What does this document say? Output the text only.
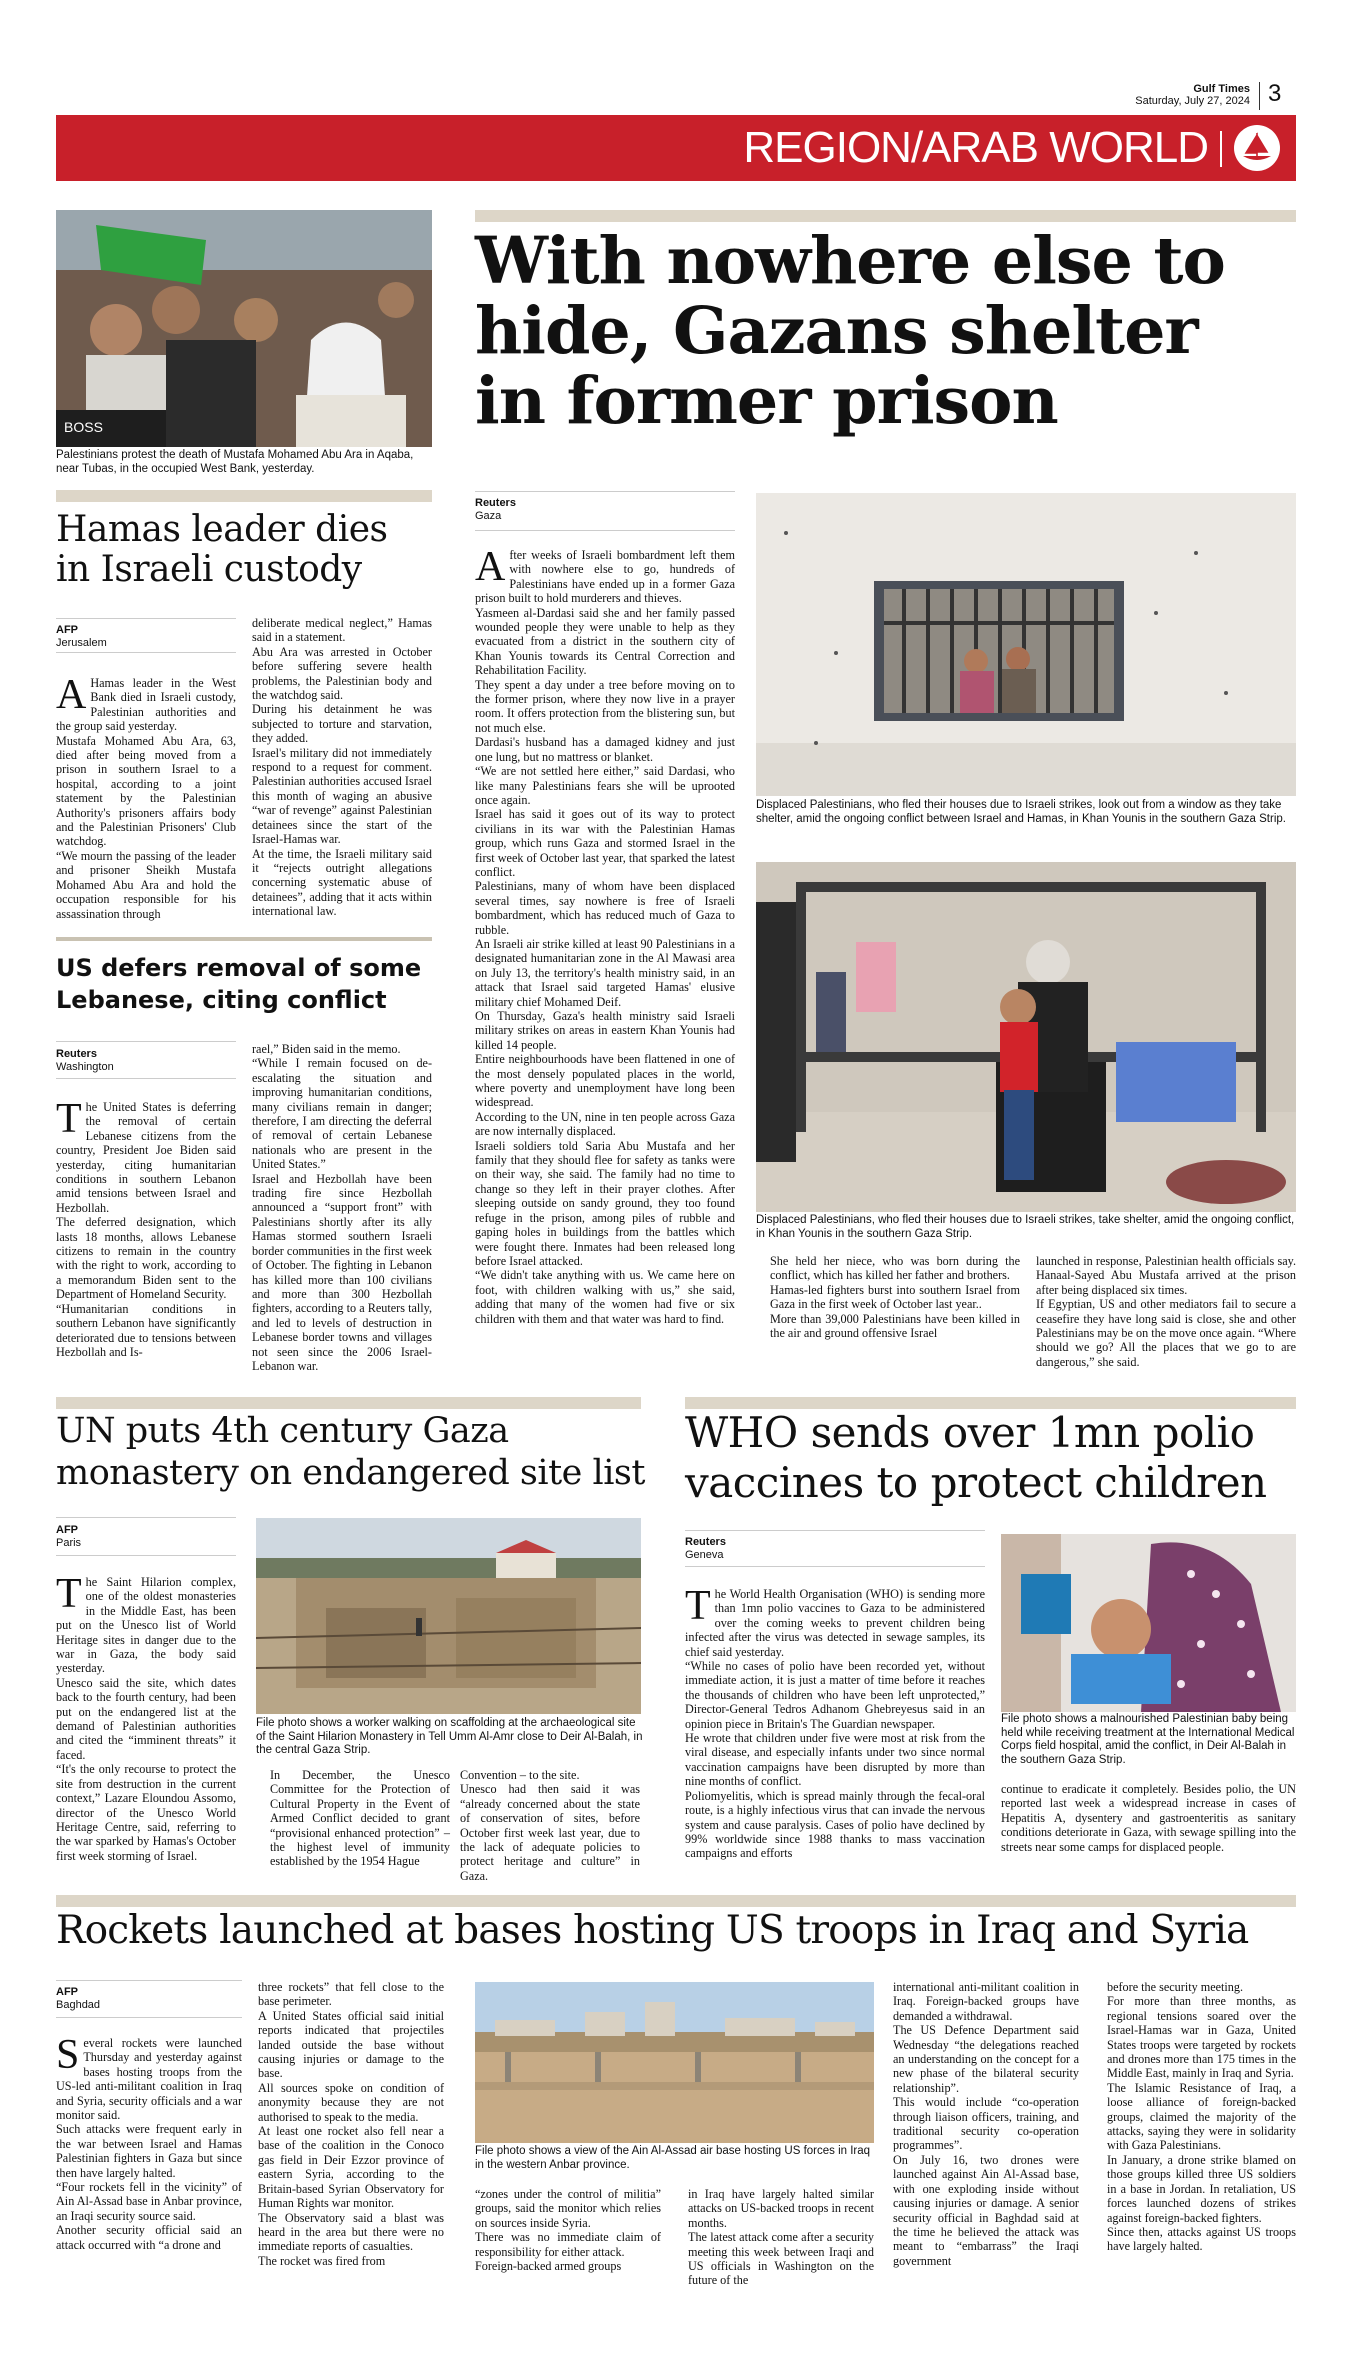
Gulf Times
Saturday, July 27, 2024 3
REGION/ARAB WORLD
BOSS
Palestinians protest the death of Mustafa Mohamed Abu Ara in Aqaba, near Tubas, in the occupied West Bank, yesterday.
Hamas leader dies in Israeli custody
AFP
Jerusalem

A Hamas leader in the West Bank died in Israeli custody, Palestinian authorities and the group said yesterday.

Mustafa Mohamed Abu Ara, 63, died after being moved from a prison in southern Israel to a hospital, according to a joint statement by the Palestinian Authority's prisoners affairs body and the Palestinian Prisoners' Club watchdog.

“We mourn the passing of the leader and prisoner Sheikh Mustafa Mohamed Abu Ara and hold the occupation responsible for his assassination through

deliberate medical neglect,” Hamas said in a statement.

Abu Ara was arrested in October before suffering severe health problems, the Palestinian body and the watchdog said.

During his detainment he was subjected to torture and starvation, they added.

Israel's military did not immediately respond to a request for comment. Palestinian authorities accused Israel this month of waging an abusive “war of revenge” against Palestinian detainees since the start of the Israel-Hamas war.

At the time, the Israeli military said it “rejects outright allegations concerning systematic abuse of detainees”, adding that it acts within international law.

US defers removal of some Lebanese, citing conflict
Reuters
Washington

The United States is deferring the removal of certain Lebanese citizens from the country, President Joe Biden said yesterday, citing humanitarian conditions in southern Lebanon amid tensions between Israel and Hezbollah.

The deferred designation, which lasts 18 months, allows Lebanese citizens to remain in the country with the right to work, according to a memorandum Biden sent to the Department of Homeland Security.

“Humanitarian conditions in southern Lebanon have significantly deteriorated due to tensions between Hezbollah and Is-

rael,” Biden said in the memo.

“While I remain focused on de-escalating the situation and improving humanitarian conditions, many civilians remain in danger; therefore, I am directing the deferral of removal of certain Lebanese nationals who are present in the United States.”

Israel and Hezbollah have been trading fire since Hezbollah announced a “support front” with Palestinians shortly after its ally Hamas stormed southern Israeli border communities in the first week of October. The fighting in Lebanon has killed more than 100 civilians and more than 300 Hezbollah fighters, according to a Reuters tally, and led to levels of destruction in Lebanese border towns and villages not seen since the 2006 Israel-Lebanon war.

With nowhere else to hide, Gazans shelter in former prison
Reuters
Gaza

After weeks of Israeli bombardment left them with nowhere else to go, hundreds of Palestinians have ended up in a former Gaza prison built to hold murderers and thieves.

Yasmeen al-Dardasi said she and her family passed wounded people they were unable to help as they evacuated from a district in the southern city of Khan Younis towards its Central Correction and Rehabilitation Facility.

They spent a day under a tree before moving on to the former prison, where they now live in a prayer room. It offers protection from the blistering sun, but not much else.

Dardasi's husband has a damaged kidney and just one lung, but no mattress or blanket.

“We are not settled here either,” said Dardasi, who like many Palestinians fears she will be uprooted once again.

Israel has said it goes out of its way to protect civilians in its war with the Palestinian Hamas group, which runs Gaza and stormed Israel in the first week of October last year, that sparked the latest conflict.

Palestinians, many of whom have been displaced several times, say nowhere is free of Israeli bombardment, which has reduced much of Gaza to rubble.

An Israeli air strike killed at least 90 Palestinians in a designated humanitarian zone in the Al Mawasi area on July 13, the territory's health ministry said, in an attack that Israel said targeted Hamas' elusive military chief Mohamed Deif.

On Thursday, Gaza's health ministry said Israeli military strikes on areas in eastern Khan Younis had killed 14 people.

Entire neighbourhoods have been flattened in one of the most densely populated places in the world, where poverty and unemployment have long been widespread.

According to the UN, nine in ten people across Gaza are now internally displaced.

Israeli soldiers told Saria Abu Mustafa and her family that they should flee for safety as tanks were on their way, she said. The family had no time to change so they left in their prayer clothes. After sleeping outside on sandy ground, they too found refuge in the prison, among piles of rubble and gaping holes in buildings from the battles which were fought there. Inmates had been released long before Israel attacked.

“We didn't take anything with us. We came here on foot, with children walking with us,” she said, adding that many of the women had five or six children with them and that water was hard to find.

Displaced Palestinians, who fled their houses due to Israeli strikes, look out from a window as they take shelter, amid the ongoing conflict between Israel and Hamas, in Khan Younis in the southern Gaza Strip.
Displaced Palestinians, who fled their houses due to Israeli strikes, take shelter, amid the ongoing conflict, in Khan Younis in the southern Gaza Strip.

She held her niece, who was born during the conflict, which has killed her father and brothers.

Hamas-led fighters burst into southern Israel from Gaza in the first week of October last year..

More than 39,000 Palestinians have been killed in the air and ground offensive Israel

launched in response, Palestinian health officials say. Hanaal-Sayed Abu Mustafa arrived at the prison after being displaced six times.

If Egyptian, US and other mediators fail to secure a ceasefire they have long said is close, she and other Palestinians may be on the move once again. “Where should we go? All the places that we go to are dangerous,” she said.

UN puts 4th century Gaza monastery on endangered site list
AFP
Paris

The Saint Hilarion complex, one of the oldest monasteries in the Middle East, has been put on the Unesco list of World Heritage sites in danger due to the war in Gaza, the body said yesterday.

Unesco said the site, which dates back to the fourth century, had been put on the endangered list at the demand of Palestinian authorities and cited the “imminent threats” it faced.

“It's the only recourse to protect the site from destruction in the current context,” Lazare Eloundou Assomo, director of the Unesco World Heritage Centre, said, referring to the war sparked by Hamas's October first week storming of Israel.

File photo shows a worker walking on scaffolding at the archaeological site of the Saint Hilarion Monastery in Tell Umm Al-Amr close to Deir Al-Balah, in the central Gaza Strip.

In December, the Unesco Committee for the Protection of Cultural Property in the Event of Armed Conflict decided to grant “provisional enhanced protection” – the highest level of immunity established by the 1954 Hague

Convention – to the site.

Unesco had then said it was “already concerned about the state of conservation of sites, before October first week last year, due to the lack of adequate policies to protect heritage and culture” in Gaza.

WHO sends over 1mn polio vaccines to protect children
Reuters
Geneva

The World Health Organisation (WHO) is sending more than 1mn polio vaccines to Gaza to be administered over the coming weeks to prevent children being infected after the virus was detected in sewage samples, its chief said yesterday.

“While no cases of polio have been recorded yet, without immediate action, it is just a matter of time before it reaches the thousands of children who have been left unprotected,” Director-General Tedros Adhanom Ghebreyesus said in an opinion piece in Britain's The Guardian newspaper.

He wrote that children under five were most at risk from the viral disease, and especially infants under two since normal vaccination campaigns have been disrupted by more than nine months of conflict.

Poliomyelitis, which is spread mainly through the fecal-oral route, is a highly infectious virus that can invade the nervous system and cause paralysis. Cases of polio have declined by 99% worldwide since 1988 thanks to mass vaccination campaigns and efforts

File photo shows a malnourished Palestinian baby being held while receiving treatment at the International Medical Corps field hospital, amid the conflict, in Deir Al-Balah in the southern Gaza Strip.

continue to eradicate it completely. Besides polio, the UN reported last week a widespread increase in cases of Hepatitis A, dysentery and gastroenteritis as sanitary conditions deteriorate in Gaza, with sewage spilling into the streets near some camps for displaced people.

Rockets launched at bases hosting US troops in Iraq and Syria
AFP
Baghdad

Several rockets were launched Thursday and yesterday against bases hosting troops from the US-led anti-militant coalition in Iraq and Syria, security officials and a war monitor said.

Such attacks were frequent early in the war between Israel and Hamas Palestinian fighters in Gaza but since then have largely halted.

“Four rockets fell in the vicinity” of Ain Al-Assad base in Anbar province, an Iraqi security source said.

Another security official said an attack occurred with “a drone and

three rockets” that fell close to the base perimeter.

A United States official said initial reports indicated that projectiles landed outside the base without causing injuries or damage to the base.

All sources spoke on condition of anonymity because they are not authorised to speak to the media.

At least one rocket also fell near a base of the coalition in the Conoco gas field in Deir Ezzor province of eastern Syria, according to the Britain-based Syrian Observatory for Human Rights war monitor.

The Observatory said a blast was heard in the area but there were no immediate reports of casualties.

The rocket was fired from

File photo shows a view of the Ain Al-Assad air base hosting US forces in Iraq in the western Anbar province.

“zones under the control of militia” groups, said the monitor which relies on sources inside Syria.

There was no immediate claim of responsibility for either attack.

Foreign-backed armed groups

in Iraq have largely halted similar attacks on US-backed troops in recent months.

The latest attack come after a security meeting this week between Iraqi and US officials in Washington on the future of the

international anti-militant coalition in Iraq. Foreign-backed groups have demanded a withdrawal.

The US Defence Department said Wednesday “the delegations reached an understanding on the concept for a new phase of the bilateral security relationship”.

This would include “co-operation through liaison officers, training, and traditional security co-operation programmes”.

On July 16, two drones were launched against Ain Al-Assad base, with one exploding inside without causing injuries or damage. A senior security official in Baghdad said at the time he believed the attack was meant to “embarrass” the Iraqi government

before the security meeting.

For more than three months, as regional tensions soared over the Israel-Hamas war in Gaza, United States troops were targeted by rockets and drones more than 175 times in the Middle East, mainly in Iraq and Syria.

The Islamic Resistance of Iraq, a loose alliance of foreign-backed groups, claimed the majority of the attacks, saying they were in solidarity with Gaza Palestinians.

In January, a drone strike blamed on those groups killed three US soldiers in a base in Jordan. In retaliation, US forces launched dozens of strikes against foreign-backed fighters.

Since then, attacks against US troops have largely halted.
